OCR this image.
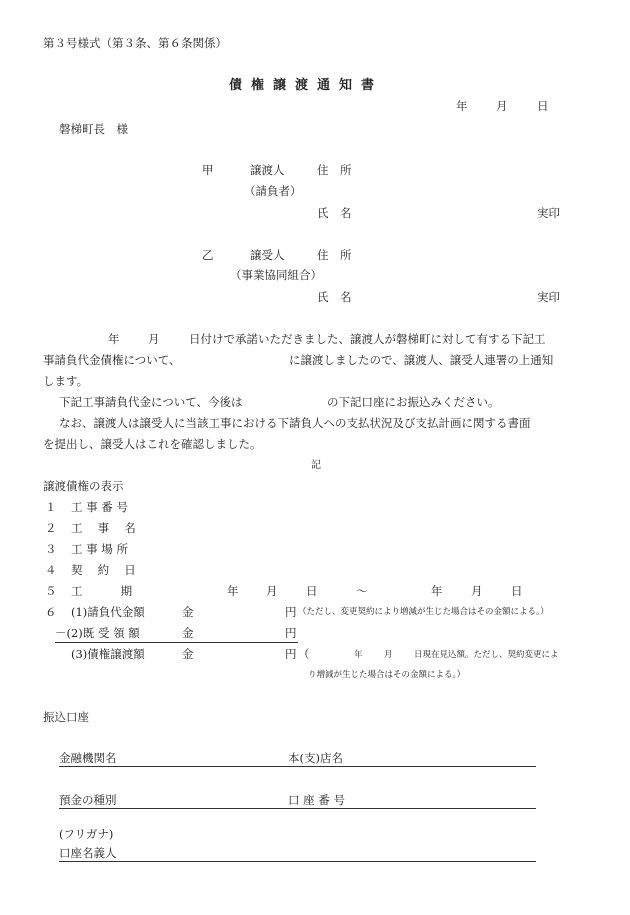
第３号様式（第３条、第６条関係）
債権譲渡通知書
年 月	日
磐梯町長　様
甲	譲渡人	住　所
（請負者）
氏　名	実印
乙	譲受人	住　所
（事業協同組合）
氏　名	実印
年 月	日付けで承諾いただきました、譲渡人が磐梯町に対して有する下記工
事請負代金債権について、	に譲渡しましたので、譲渡人、譲受人連署の上通知
します。
下記工事請負代金について、今後は	の下記口座にお振込みください。
なお、譲渡人は譲受人に当該工事における下請負人への支払状況及び支払計画に関する書面
を提出し、譲受人はこれを確認しました。
記
譲渡債権の表示
１ 工 事 番 号
２ 工　 事　 名
３ 工 事 場 所
４ 契　 約　 日
５ 工　　　 期	年 月 日	～	年 月 日
６ (1)請負代金額	金	円 （ただし、変更契約により増減が生じた場合はその金額による。）
－(2)既 受 領 額	金	円
(3)債権譲渡額	金	円 （	年	月	日現在見込額。ただし、契約変更によ
り増減が生じた場合はその金額による。）
振込口座
金融機関名	本(支)店名
預金の種別	口 座 番 号
(フリガナ)
口座名義人
